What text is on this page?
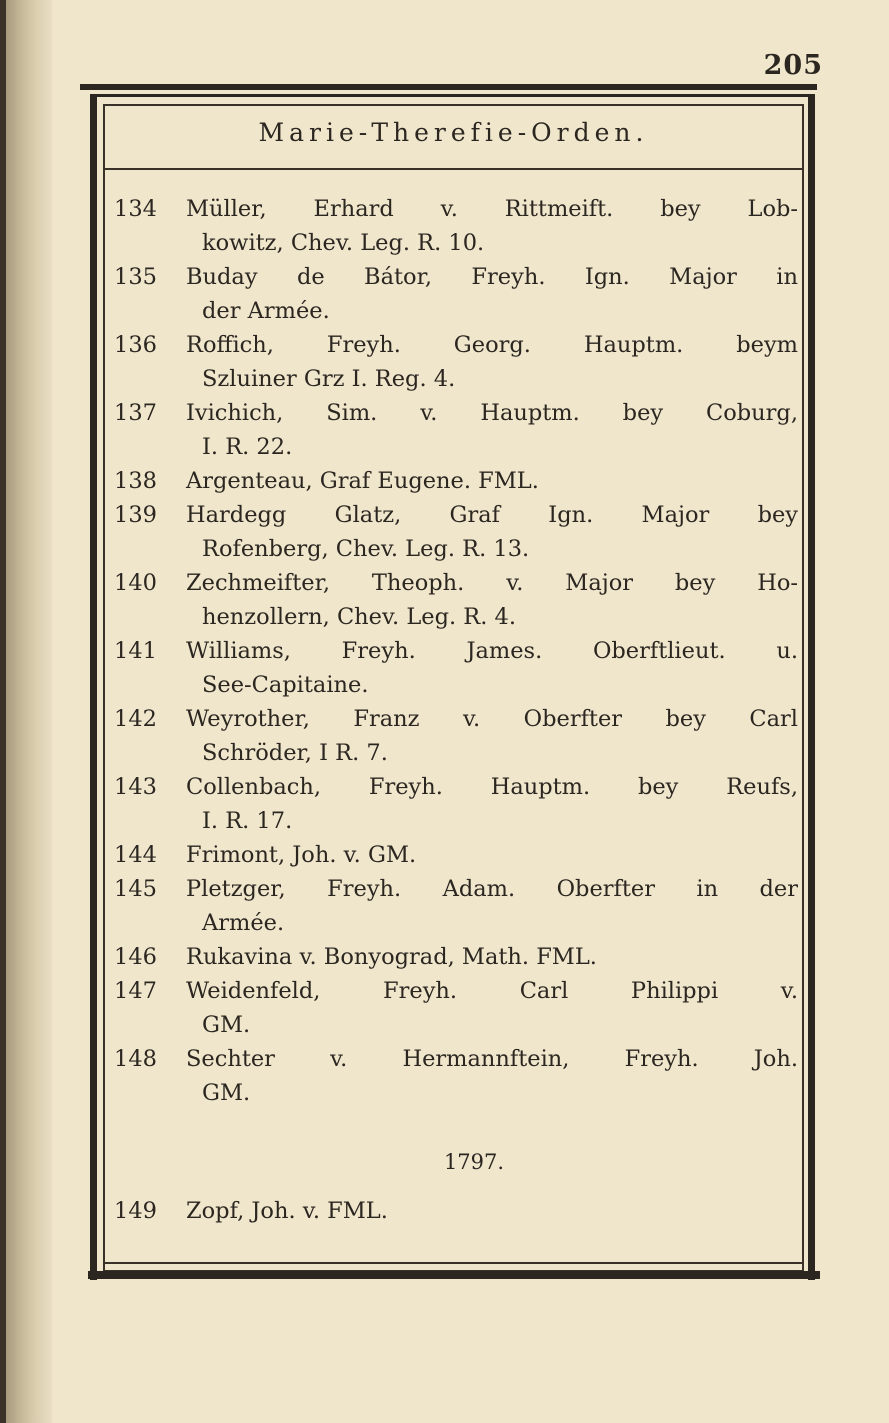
205
Marie-Therefie-Orden.
134	Müller, Erhard v. Rittmeift. bey Lob-
kowitz, Chev. Leg. R. 10.
135	Buday de Bátor, Freyh. Ign. Major in
der Armée.
136	Roffich, Freyh. Georg. Hauptm. beym
Szluiner Grz I. Reg. 4.
137	Ivichich, Sim. v. Hauptm. bey Coburg,
I. R. 22.
138	Argenteau, Graf Eugene. FML.
139	Hardegg Glatz, Graf Ign. Major bey
Rofenberg, Chev. Leg. R. 13.
140	Zechmeifter, Theoph. v. Major bey Ho-
henzollern, Chev. Leg. R. 4.
141	Williams, Freyh. James. Oberftlieut. u.
See-Capitaine.
142	Weyrother, Franz v. Oberfter bey Carl
Schröder, I R. 7.
143	Collenbach, Freyh. Hauptm. bey Reufs,
I. R. 17.
144	Frimont, Joh. v. GM.
145	Pletzger, Freyh. Adam. Oberfter in der
Armée.
146	Rukavina v. Bonyograd, Math. FML.
147	Weidenfeld, Freyh. Carl Philippi v.
GM.
148	Sechter v. Hermannftein, Freyh. Joh.
GM.
1797.
149	Zopf, Joh. v. FML.
